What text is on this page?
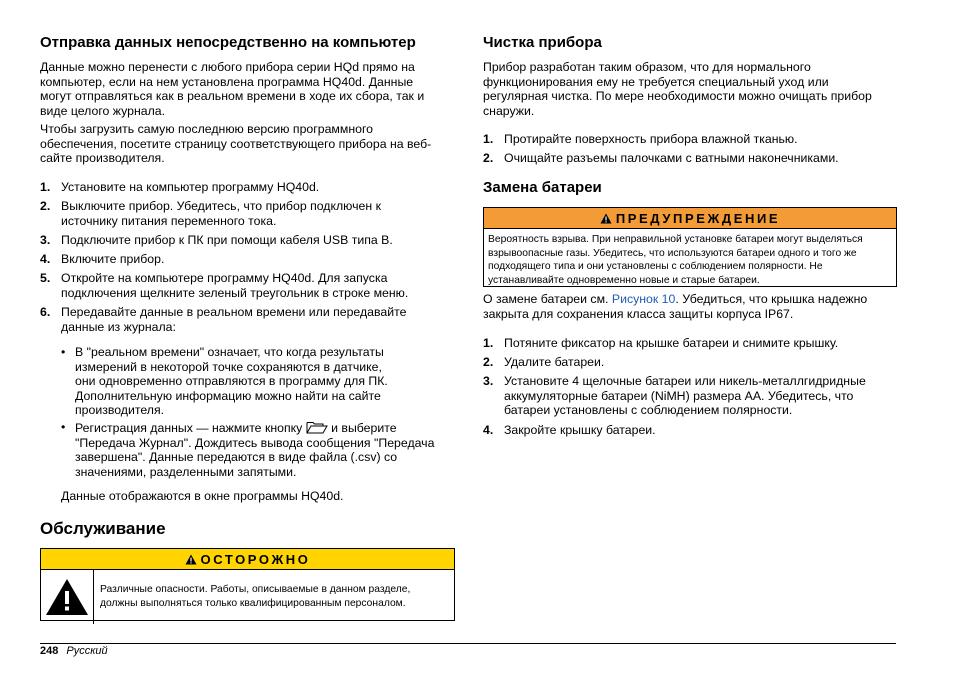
Отправка данных непосредственно на компьютер

Данные можно перенести с любого прибора серии HQd прямо на компьютер, если на нем установлена программа HQ40d. Данные могут отправляться как в реальном времени в ходе их сбора, так и виде целого журнала.

Чтобы загрузить самую последнюю версию программного обеспечения, посетите страницу соответствующего прибора на веб-сайте производителя.

1. Установите на компьютер программу HQ40d.
2. Выключите прибор. Убедитесь, что прибор подключен к источнику питания переменного тока.
3. Подключите прибор к ПК при помощи кабеля USB типа B.
4. Включите прибор.
5. Откройте на компьютере программу HQ40d. Для запуска подключения щелкните зеленый треугольник в строке меню.
6. Передавайте данные в реальном времени или передавайте данные из журнала:
• В "реальном времени" означает, что когда результаты измерений в некоторой точке сохраняются в датчике, они одновременно отправляются в программу для ПК. Дополнительную информацию можно найти на сайте производителя.
• Регистрация данных — нажмите кнопку и выберите "Передача Журнал". Дождитесь вывода сообщения "Передача завершена". Данные передаются в виде файла (.csv) со значениями, разделенными запятыми.

Данные отображаются в окне программы HQ40d.

Обслуживание
ОСТОРОЖНО
Различные опасности. Работы, описываемые в данном разделе, должны выполняться только квалифицированным персоналом.
Чистка прибора

Прибор разработан таким образом, что для нормального функционирования ему не требуется специальный уход или регулярная чистка. По мере необходимости можно очищать прибор снаружи.

1. Протирайте поверхность прибора влажной тканью.
2. Очищайте разъемы палочками с ватными наконечниками.
Замена батареи
ПРЕДУПРЕЖДЕНИЕ
Вероятность взрыва. При неправильной установке батареи могут выделяться взрывоопасные газы. Убедитесь, что используются батареи одного и того же подходящего типа и они установлены с соблюдением полярности. Не устанавливайте одновременно новые и старые батареи.

О замене батареи см. Рисунок 10. Убедиться, что крышка надежно закрыта для сохранения класса защиты корпуса IP67.

1. Потяните фиксатор на крышке батареи и снимите крышку.
2. Удалите батареи.
3. Установите 4 щелочные батареи или никель-металлгидридные аккумуляторные батареи (NiMH) размера AA. Убедитесь, что батареи установлены с соблюдением полярности.
4. Закройте крышку батареи.
248 Русский
